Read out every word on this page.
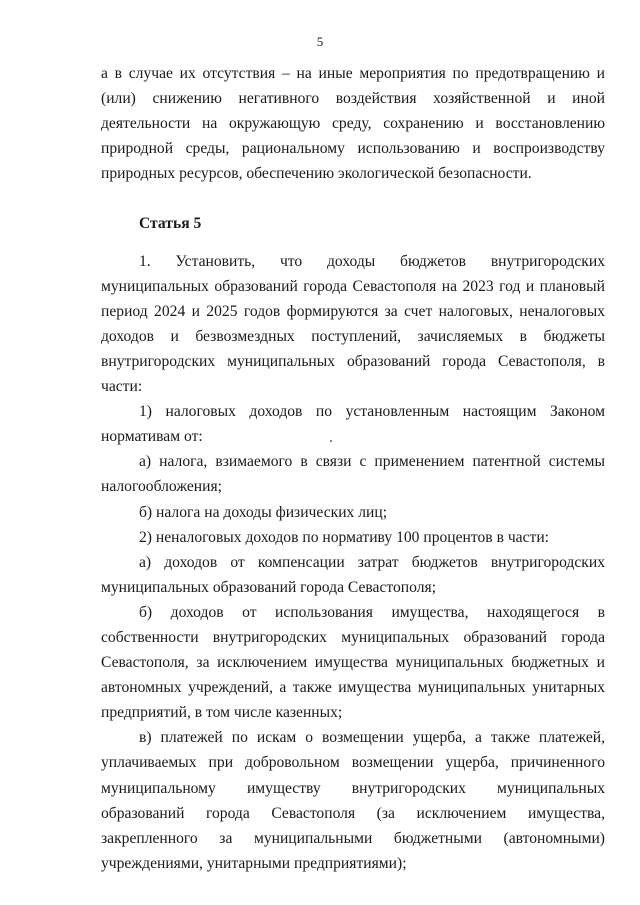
5

а в случае их отсутствия – на иные мероприятия по предотвращению и (или) снижению негативного воздействия хозяйственной и иной деятельности на окружающую среду, сохранению и восстановлению природной среды, рациональному использованию и воспроизводству природных ресурсов, обеспечению экологической безопасности.

Статья 5

1. Установить, что доходы бюджетов внутригородских муниципальных образований города Севастополя на 2023 год и плановый период 2024 и 2025 годов формируются за счет налоговых, неналоговых доходов и безвозмездных поступлений, зачисляемых в бюджеты внутригородских муниципальных образований города Севастополя, в части:

1) налоговых доходов по установленным настоящим Законом нормативам от:

а) налога, взимаемого в связи с применением патентной системы налогообложения;

б) налога на доходы физических лиц;

2) неналоговых доходов по нормативу 100 процентов в части:

а) доходов от компенсации затрат бюджетов внутригородских муниципальных образований города Севастополя;

б) доходов от использования имущества, находящегося в собственности внутригородских муниципальных образований города Севастополя, за исключением имущества муниципальных бюджетных и автономных учреждений, а также имущества муниципальных унитарных предприятий, в том числе казенных;

в) платежей по искам о возмещении ущерба, а также платежей, уплачиваемых при добровольном возмещении ущерба, причиненного муниципальному имуществу внутригородских муниципальных образований города Севастополя (за исключением имущества, закрепленного за муниципальными бюджетными (автономными) учреждениями, унитарными предприятиями);
